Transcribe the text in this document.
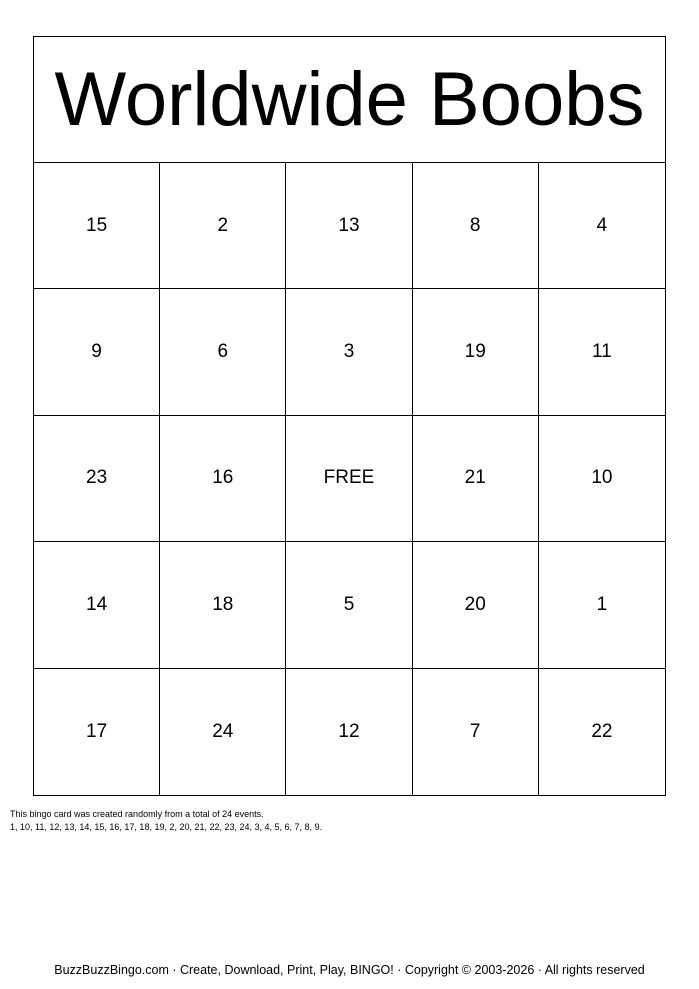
Worldwide Boobs
15	2	13	8	4
9	6	3	19	11
23	16	FREE	21	10
14	18	5	20	1
17	24	12	7	22
This bingo card was created randomly from a total of 24 events.
1, 10, 11, 12, 13, 14, 15, 16, 17, 18, 19, 2, 20, 21, 22, 23, 24, 3, 4, 5, 6, 7, 8, 9.
BuzzBuzzBingo.com · Create, Download, Print, Play, BINGO! · Copyright © 2003-2026 · All rights reserved
